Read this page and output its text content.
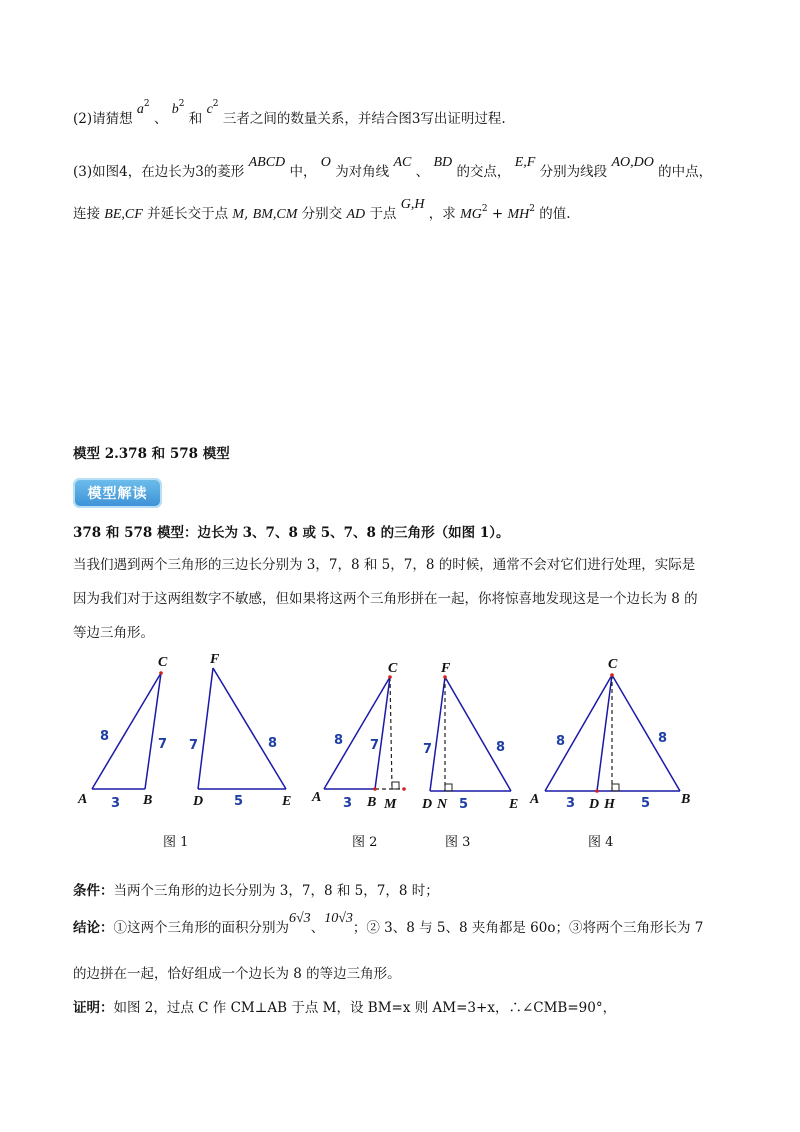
(2)请猜想 $a^2$ 、 $b^2$ 和 $c^2$ 三者之间的数量关系，并结合图3写出证明过程.
(3)如图4，在边长为3的菱形 ABCD 中， O 为对角线 AC 、 BD 的交点， E,F 分别为线段 AO,DO 的中点，
连接 BE,CF 并延长交于点 M, BM,CM 分别交 AD 于点 G,H ，求 $MG^2 + MH^2$ 的值.
模型 2.378 和 578 模型
模型解读
378 和 578 模型：边长为 3、7、8 或 5、7、8 的三角形（如图 1）。
当我们遇到两个三角形的三边长分别为 3，7，8 和 5，7，8 的时候，通常不会对它们进行处理，实际是
因为我们对于这两组数字不敏感，但如果将这两个三角形拼在一起，你将惊喜地发现这是一个边长为 8 的
等边三角形。
A	B
C
3
8
7
D	E
F
5
7	8
A	B M
C
3
8 7
D N	E
F
5
7	8
A	D H	B
C
3	5
8	8
图 1	图 2	图 3	图 4
条件：当两个三角形的边长分别为 3，7，8 和 5，7，8 时；
结论：①这两个三角形的面积分别为6√3、10√3；② 3、8 与 5、8 夹角都是 60o；③将两个三角形长为 7
的边拼在一起，恰好组成一个边长为 8 的等边三角形。
证明：如图 2，过点 C 作 CM⊥AB 于点 M，设 BM=x 则 AM=3+x，∴∠CMB=90°，
